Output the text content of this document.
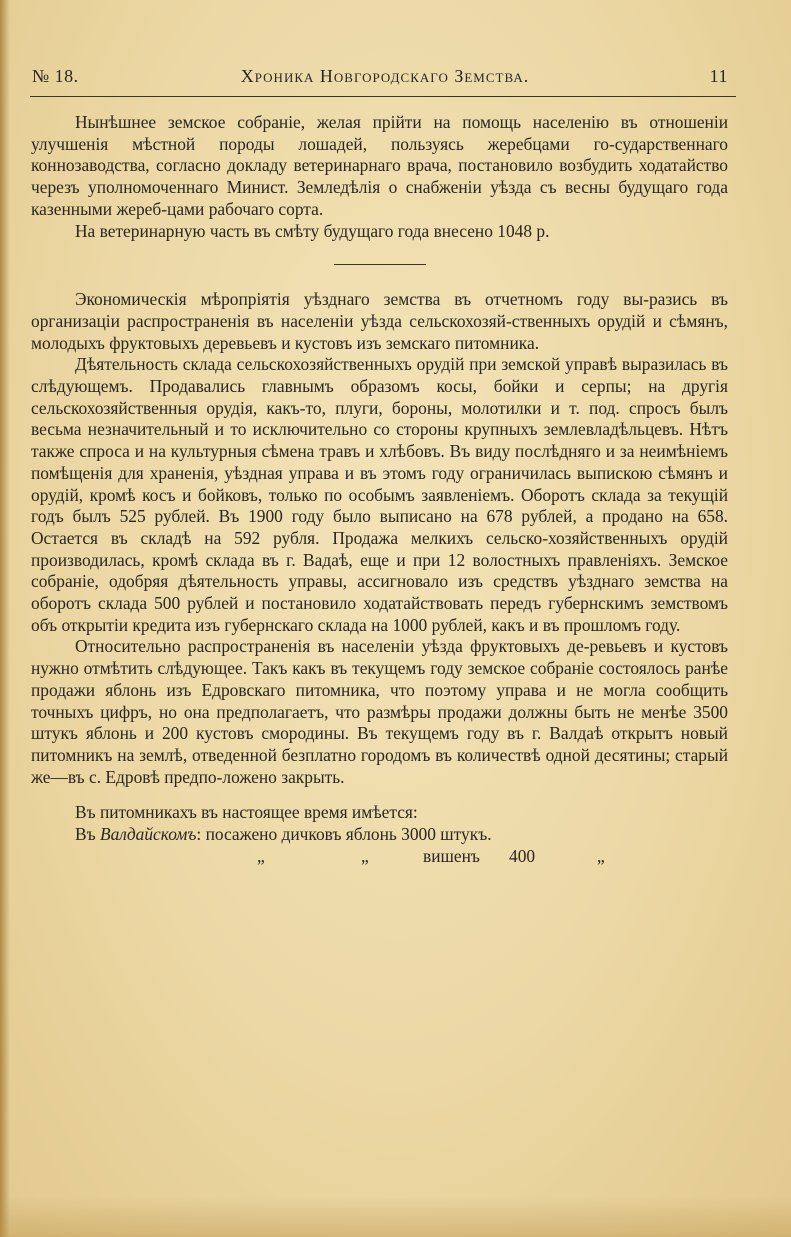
№ 18.	Хроника Новгородскаго Земства.	11

Нынѣшнее земское собраніе, желая прійти на помощь населенію въ отношеніи улучшенія мѣстной породы лошадей, пользуясь жеребцами го-сударственнаго коннозаводства, согласно докладу ветеринарнаго врача, постановило возбудить ходатайство черезъ уполномоченнаго Минист. Земледѣлія о снабженіи уѣзда съ весны будущаго года казенными жереб-цами рабочаго сорта.

На ветеринарную часть въ смѣту будущаго года внесено 1048 р.

Экономическія мѣропріятія уѣзднаго земства въ отчетномъ году вы-разись въ организаціи распространенія въ населеніи уѣзда сельскохозяй-ственныхъ орудій и сѣмянъ, молодыхъ фруктовыхъ деревьевъ и кустовъ изъ земскаго питомника.

Дѣятельность склада сельскохозяйственныхъ орудій при земской управѣ выразилась въ слѣдующемъ. Продавались главнымъ образомъ косы, бойки и серпы; на другія сельскохозяйственныя орудія, какъ-то, плуги, бороны, молотилки и т. под. спросъ былъ весьма незначительный и то исключительно со стороны крупныхъ землевладѣльцевъ. Нѣтъ также спроса и на культурныя сѣмена травъ и хлѣбовъ. Въ виду послѣдняго и за неимѣніемъ помѣщенія для храненія, уѣздная управа и въ этомъ году ограничилась выпискою сѣмянъ и орудій, кромѣ косъ и бойковъ, только по особымъ заявленіемъ. Оборотъ склада за текущій годъ былъ 525 рублей. Въ 1900 году было выписано на 678 рублей, а продано на 658. Остается въ складѣ на 592 рубля. Продажа мелкихъ сельско-хозяйственныхъ орудій производилась, кромѣ склада въ г. Вадаѣ, еще и при 12 волостныхъ правленіяхъ. Земское собраніе, одобряя дѣятельность управы, ассигновало изъ средствъ уѣзднаго земства на оборотъ склада 500 рублей и постановило ходатайствовать передъ губернскимъ земствомъ объ открытіи кредита изъ губернскаго склада на 1000 рублей, какъ и въ прошломъ году.

Относительно распространенія въ населеніи уѣзда фруктовыхъ де-ревьевъ и кустовъ нужно отмѣтить слѣдующее. Такъ какъ въ текущемъ году земское собраніе состоялось ранѣе продажи яблонь изъ Едровскаго питомника, что поэтому управа и не могла сообщить точныхъ цифръ, но она предполагаетъ, что размѣры продажи должны быть не менѣе 3500 штукъ яблонь и 200 кустовъ смородины. Въ текущемъ году въ г. Валдаѣ открытъ новый питомникъ на землѣ, отведенной безплатно городомъ въ количествѣ одной десятины; старый же—въ с. Едровѣ предпо-ложено закрыть.

Въ питомникахъ въ настоящее время имѣется:

Въ Валдайскомъ: посажено дичковъ яблонь 3000 штукъ.

„	„	вишенъ 400	„
